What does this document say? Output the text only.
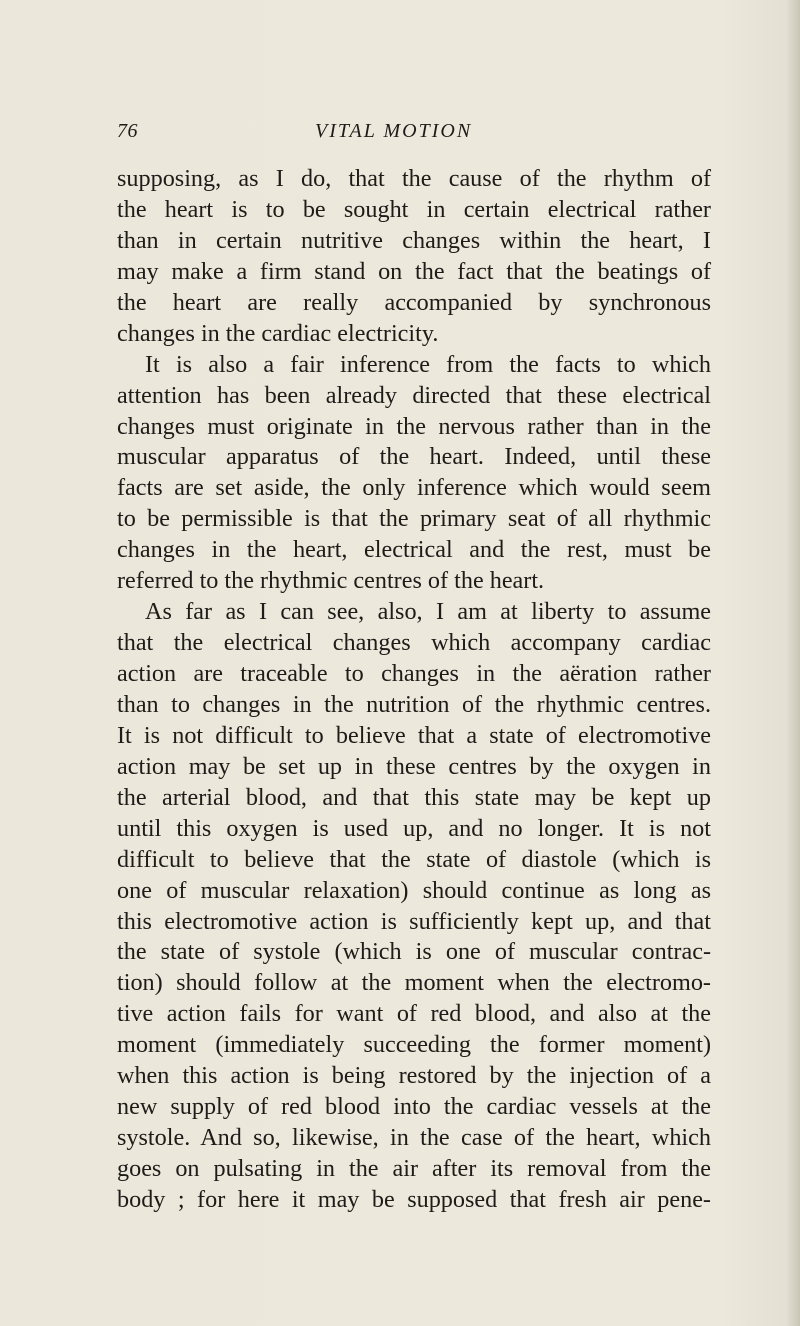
76	VITAL MOTION
supposing, as I do, that the cause of the rhythm of
the heart is to be sought in certain electrical rather
than in certain nutritive changes within the heart, I
may make a firm stand on the fact that the beatings of
the heart are really accompanied by synchronous
changes in the cardiac electricity.
It is also a fair inference from the facts to which
attention has been already directed that these electrical
changes must originate in the nervous rather than in the
muscular apparatus of the heart. Indeed, until these
facts are set aside, the only inference which would seem
to be permissible is that the primary seat of all rhythmic
changes in the heart, electrical and the rest, must be
referred to the rhythmic centres of the heart.
As far as I can see, also, I am at liberty to assume
that the electrical changes which accompany cardiac
action are traceable to changes in the aëration rather
than to changes in the nutrition of the rhythmic centres.
It is not difficult to believe that a state of electromotive
action may be set up in these centres by the oxygen in
the arterial blood, and that this state may be kept up
until this oxygen is used up, and no longer. It is not
difficult to believe that the state of diastole (which is
one of muscular relaxation) should continue as long as
this electromotive action is sufficiently kept up, and that
the state of systole (which is one of muscular contrac-
tion) should follow at the moment when the electromo-
tive action fails for want of red blood, and also at the
moment (immediately succeeding the former moment)
when this action is being restored by the injection of a
new supply of red blood into the cardiac vessels at the
systole. And so, likewise, in the case of the heart, which
goes on pulsating in the air after its removal from the
body ; for here it may be supposed that fresh air pene-
